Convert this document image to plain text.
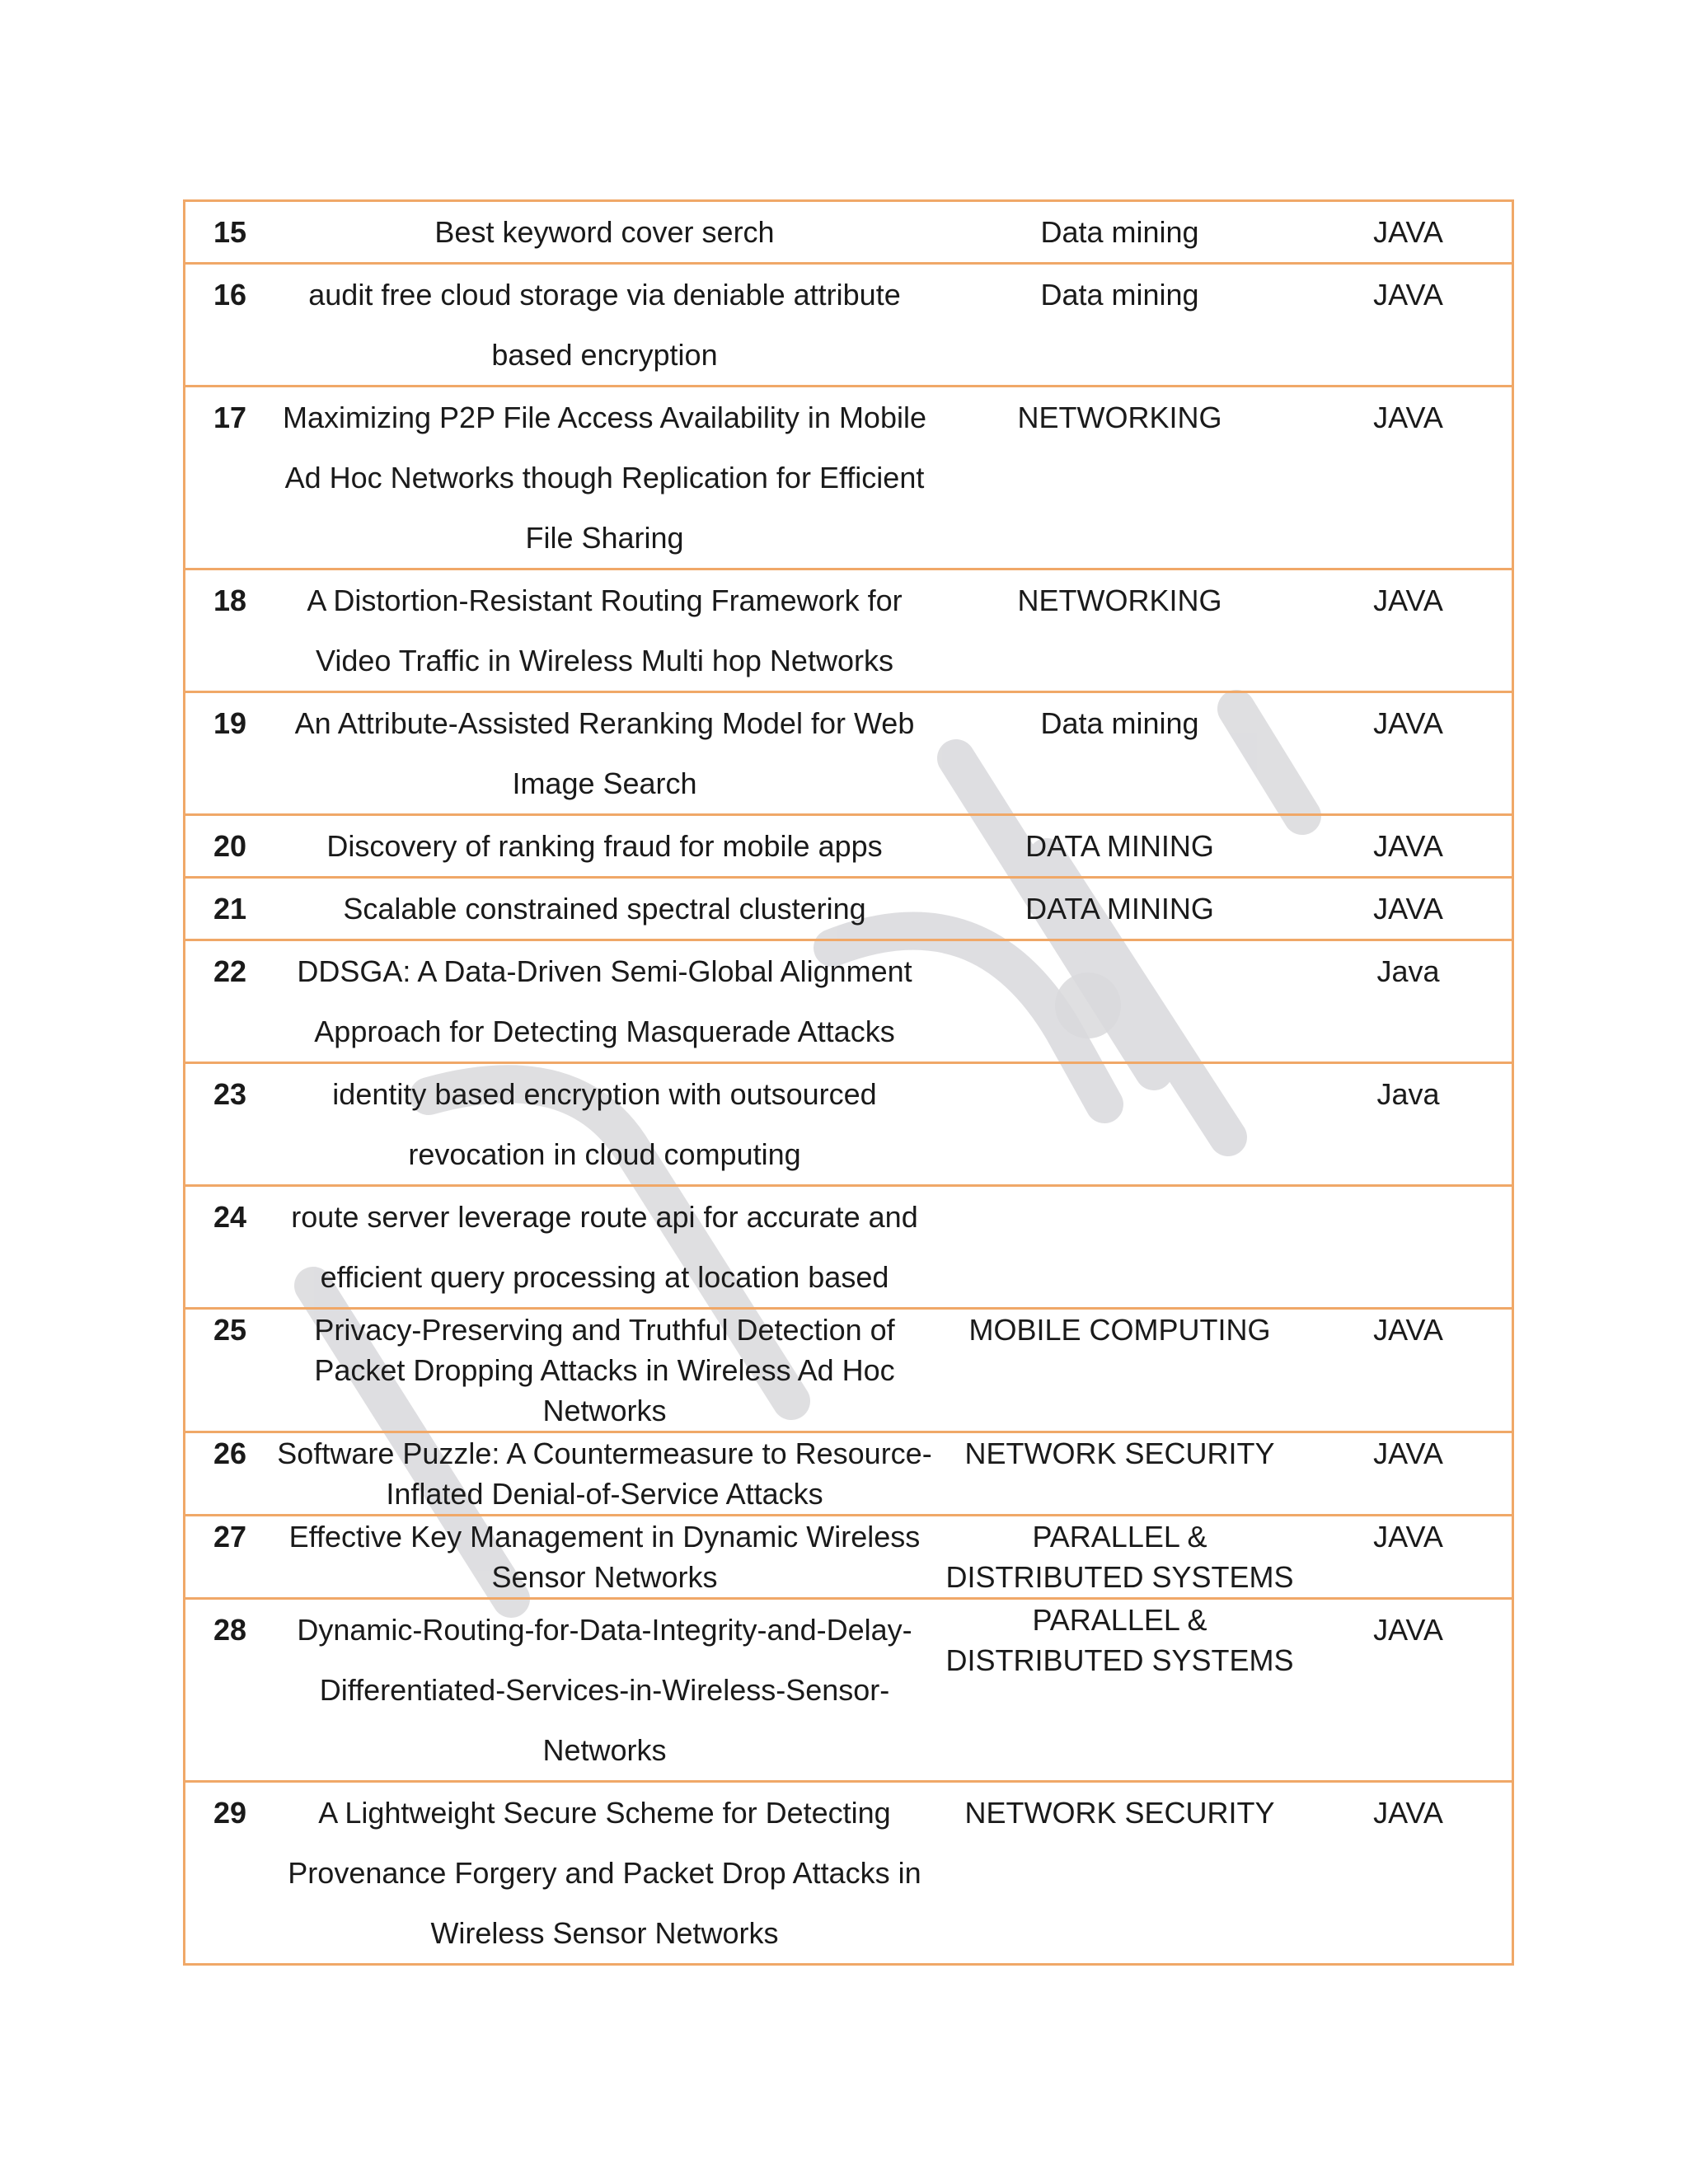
15	Best keyword cover serch	Data mining	JAVA
16	audit free cloud storage via deniable attribute based encryption	Data mining	JAVA
17	Maximizing P2P File Access Availability in Mobile Ad Hoc Networks though Replication for Efficient File Sharing	NETWORKING	JAVA
18	A Distortion-Resistant Routing Framework for Video Traffic in Wireless Multi hop Networks	NETWORKING	JAVA
19	An Attribute-Assisted Reranking Model for Web Image Search	Data mining	JAVA
20	Discovery of ranking fraud for mobile apps	DATA MINING	JAVA
21	Scalable constrained spectral clustering	DATA MINING	JAVA
22	DDSGA: A Data-Driven Semi-Global Alignment Approach for Detecting Masquerade Attacks		Java
23	identity based encryption with outsourced revocation in cloud computing		Java
24	route server leverage route api for accurate and efficient query processing at location based		
25	Privacy-Preserving and Truthful Detection of Packet Dropping Attacks in Wireless Ad Hoc Networks	MOBILE COMPUTING	JAVA
26	Software Puzzle: A Countermeasure to Resource-Inflated Denial-of-Service Attacks	NETWORK SECURITY	JAVA
27	Effective Key Management in Dynamic Wireless Sensor Networks	PARALLEL & DISTRIBUTED SYSTEMS	JAVA
28	Dynamic-Routing-for-Data-Integrity-and-Delay-Differentiated-Services-in-Wireless-Sensor-Networks	PARALLEL & DISTRIBUTED SYSTEMS	JAVA
29	A Lightweight Secure Scheme for Detecting Provenance Forgery and Packet Drop Attacks in Wireless Sensor Networks	NETWORK SECURITY	JAVA
